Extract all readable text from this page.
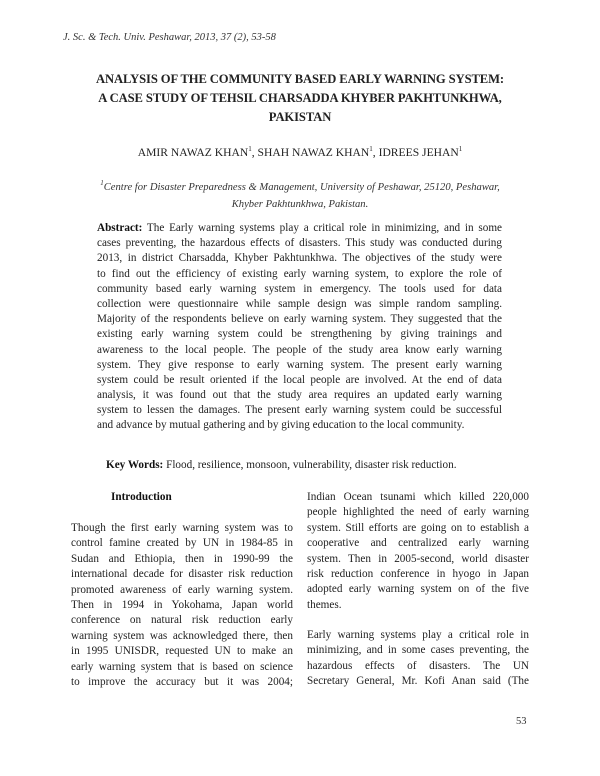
J. Sc. & Tech. Univ. Peshawar, 2013, 37 (2), 53-58
ANALYSIS OF THE COMMUNITY BASED EARLY WARNING SYSTEM:
A CASE STUDY OF TEHSIL CHARSADDA KHYBER PAKHTUNKHWA,
PAKISTAN
AMIR NAWAZ KHAN$^1$, SHAH NAWAZ KHAN$^1$, IDREES JEHAN$^1$
$^1$Centre for Disaster Preparedness & Management, University of Peshawar, 25120, Peshawar,
Khyber Pakhtunkhwa, Pakistan.
Abstract: The Early warning systems play a critical role in minimizing, and in some
cases preventing, the hazardous effects of disasters. This study was conducted during
2013, in district Charsadda, Khyber Pakhtunkhwa. The objectives of the study were
to find out the efficiency of existing early warning system, to explore the role of
community based early warning system in emergency. The tools used for data
collection were questionnaire while sample design was simple random sampling.
Majority of the respondents believe on early warning system. They suggested that the
existing early warning system could be strengthening by giving trainings and
awareness to the local people. The people of the study area know early warning
system. They give response to early warning system. The present early warning
system could be result oriented if the local people are involved. At the end of data
analysis, it was found out that the study area requires an updated early warning
system to lessen the damages. The present early warning system could be successful
and advance by mutual gathering and by giving education to the local community.
Key Words: Flood, resilience, monsoon, vulnerability, disaster risk reduction.
Introduction
Though the first early warning system was to
control famine created by UN in 1984-85 in
Sudan and Ethiopia, then in 1990-99 the
international decade for disaster risk reduction
promoted awareness of early warning system.
Then in 1994 in Yokohama, Japan world
conference on natural risk reduction early
warning system was acknowledged there, then
in 1995 UNISDR, requested UN to make an
early warning system that is based on science
to improve the accuracy but it was 2004;
Indian Ocean tsunami which killed 220,000
people highlighted the need of early warning
system. Still efforts are going on to establish a
cooperative and centralized early warning
system. Then in 2005-second, world disaster
risk reduction conference in hyogo in Japan
adopted early warning system on of the five
themes.
Early warning systems play a critical role in
minimizing, and in some cases preventing, the
hazardous effects of disasters. The UN
Secretary General, Mr. Kofi Anan said (The
53
